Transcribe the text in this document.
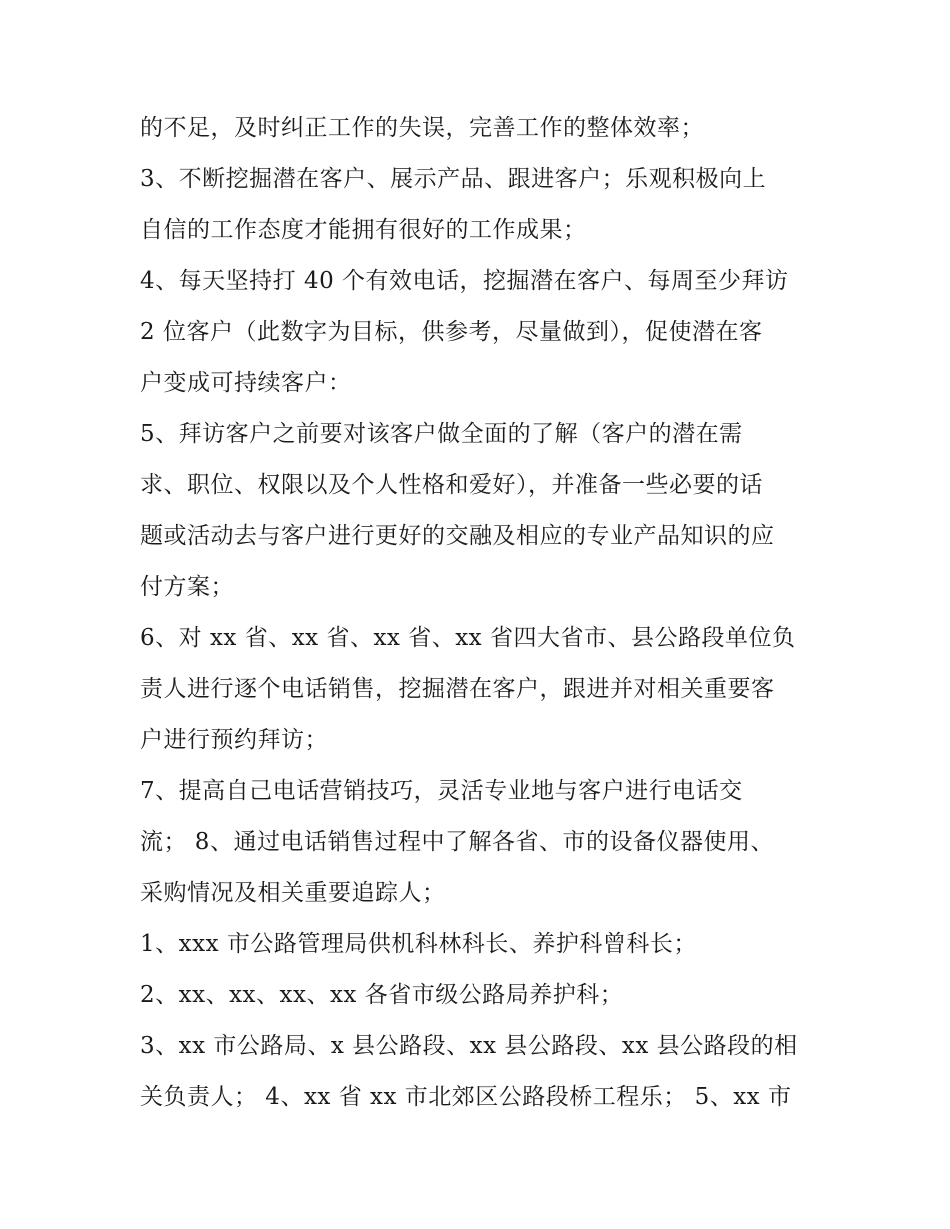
的不足，及时纠正工作的失误，完善工作的整体效率；
3、不断挖掘潜在客户、展示产品、跟进客户；乐观积极向上
自信的工作态度才能拥有很好的工作成果；
4、每天坚持打 40 个有效电话，挖掘潜在客户、每周至少拜访
2 位客户（此数字为目标，供参考，尽量做到），促使潜在客
户变成可持续客户：
5、拜访客户之前要对该客户做全面的了解（客户的潜在需
求、职位、权限以及个人性格和爱好），并准备一些必要的话
题或活动去与客户进行更好的交融及相应的专业产品知识的应
付方案；
6、对 xx 省、xx 省、xx 省、xx 省四大省市、县公路段单位负
责人进行逐个电话销售，挖掘潜在客户，跟进并对相关重要客
户进行预约拜访；
7、提高自己电话营销技巧，灵活专业地与客户进行电话交
流； 8、通过电话销售过程中了解各省、市的设备仪器使用、
采购情况及相关重要追踪人；
1、xxx 市公路管理局供机科林科长、养护科曾科长；
2、xx、xx、xx、xx 各省市级公路局养护科；
3、xx 市公路局、x 县公路段、xx 县公路段、xx 县公路段的相
关负责人； 4、xx 省 xx 市北郊区公路段桥工程乐； 5、xx 市
